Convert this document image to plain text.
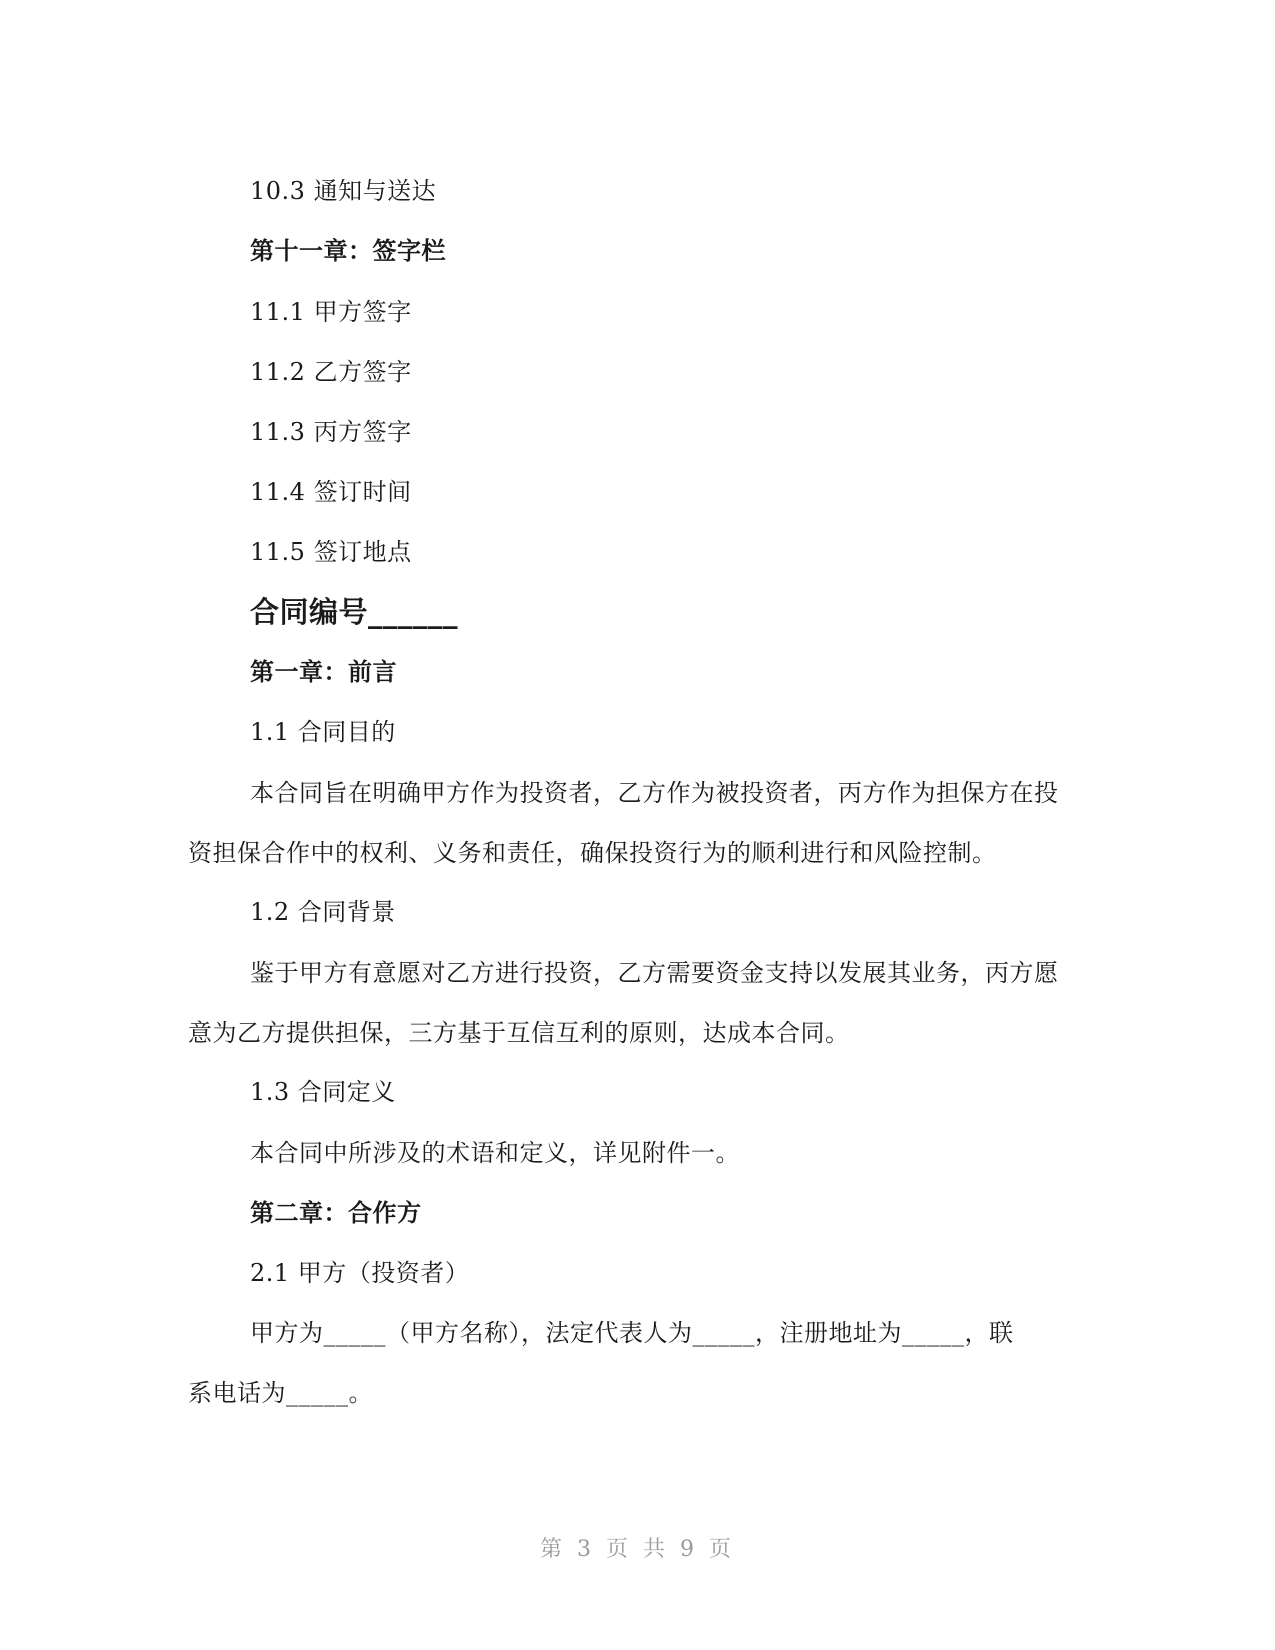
10.3 通知与送达
第十一章：签字栏
11.1 甲方签字
11.2 乙方签字
11.3 丙方签字
11.4 签订时间
11.5 签订地点
合同编号______
第一章：前言
1.1 合同目的
本合同旨在明确甲方作为投资者，乙方作为被投资者，丙方作为担保方在投
资担保合作中的权利、义务和责任，确保投资行为的顺利进行和风险控制。
1.2 合同背景
鉴于甲方有意愿对乙方进行投资，乙方需要资金支持以发展其业务，丙方愿
意为乙方提供担保，三方基于互信互利的原则，达成本合同。
1.3 合同定义
本合同中所涉及的术语和定义，详见附件一。
第二章：合作方
2.1 甲方（投资者）
甲方为_____（甲方名称），法定代表人为_____，注册地址为_____，联
系电话为_____。
第 3 页 共 9 页
